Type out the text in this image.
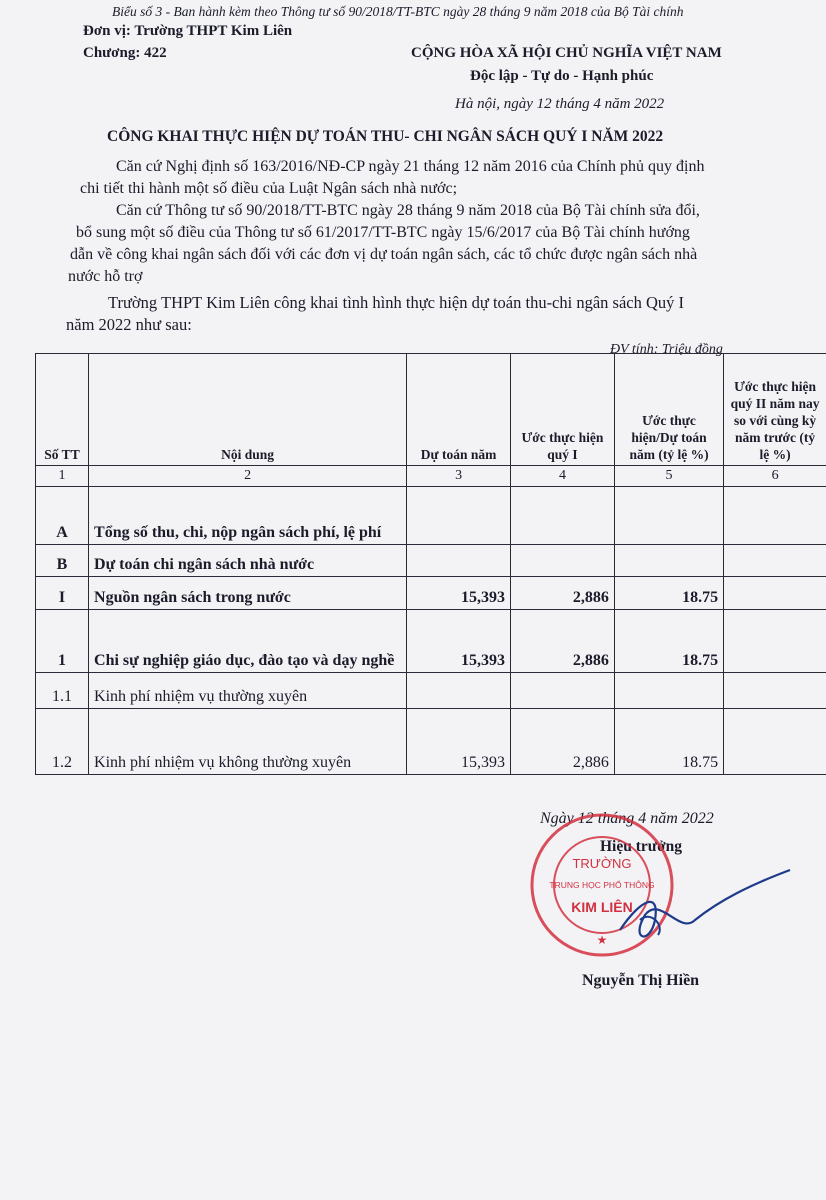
Biểu số 3 - Ban hành kèm theo Thông tư số 90/2018/TT-BTC ngày 28 tháng 9 năm 2018 của Bộ Tài chính
Đơn vị: Trường THPT Kim Liên
Chương: 422	CỘNG HÒA XÃ HỘI CHỦ NGHĨA VIỆT NAM
Độc lập - Tự do - Hạnh phúc
Hà nội, ngày 12 tháng 4 năm 2022
CÔNG KHAI THỰC HIỆN DỰ TOÁN THU- CHI NGÂN SÁCH QUÝ I NĂM 2022
Căn cứ Nghị định số 163/2016/NĐ-CP ngày 21 tháng 12 năm 2016 của Chính phủ quy định
chi tiết thi hành một số điều của Luật Ngân sách nhà nước;
Căn cứ Thông tư số 90/2018/TT-BTC ngày 28 tháng 9 năm 2018 của Bộ Tài chính sửa đổi,
bổ sung một số điều của Thông tư số 61/2017/TT-BTC ngày 15/6/2017 của Bộ Tài chính hướng
dẫn về công khai ngân sách đối với các đơn vị dự toán ngân sách, các tổ chức được ngân sách nhà
nước hỗ trợ
Trường THPT Kim Liên công khai tình hình thực hiện dự toán thu-chi ngân sách Quý I
năm 2022 như sau:
ĐV tính: Triệu đồng
Số TT	Nội dung	Dự toán năm	Ước thực hiện quý I	Ước thực hiện/Dự toán năm (tỷ lệ %)	Ước thực hiện quý II năm nay so với cùng kỳ năm trước (tỷ lệ %)
1	2	3	4	5	6
A	Tổng số thu, chi, nộp ngân sách phí, lệ phí				
B	Dự toán chi ngân sách nhà nước				
I	Nguồn ngân sách trong nước	15,393	2,886	18.75	
1	Chi sự nghiệp giáo dục, đào tạo và dạy nghề	15,393	2,886	18.75	
1.1	Kinh phí nhiệm vụ thường xuyên				
1.2	Kinh phí nhiệm vụ không thường xuyên	15,393	2,886	18.75	
Ngày 12 tháng 4 năm 2022
Hiệu trưởng
TRƯỜNG
TRUNG HỌC PHỔ THÔNG
KIM LIÊN
★
Nguyễn Thị Hiền
